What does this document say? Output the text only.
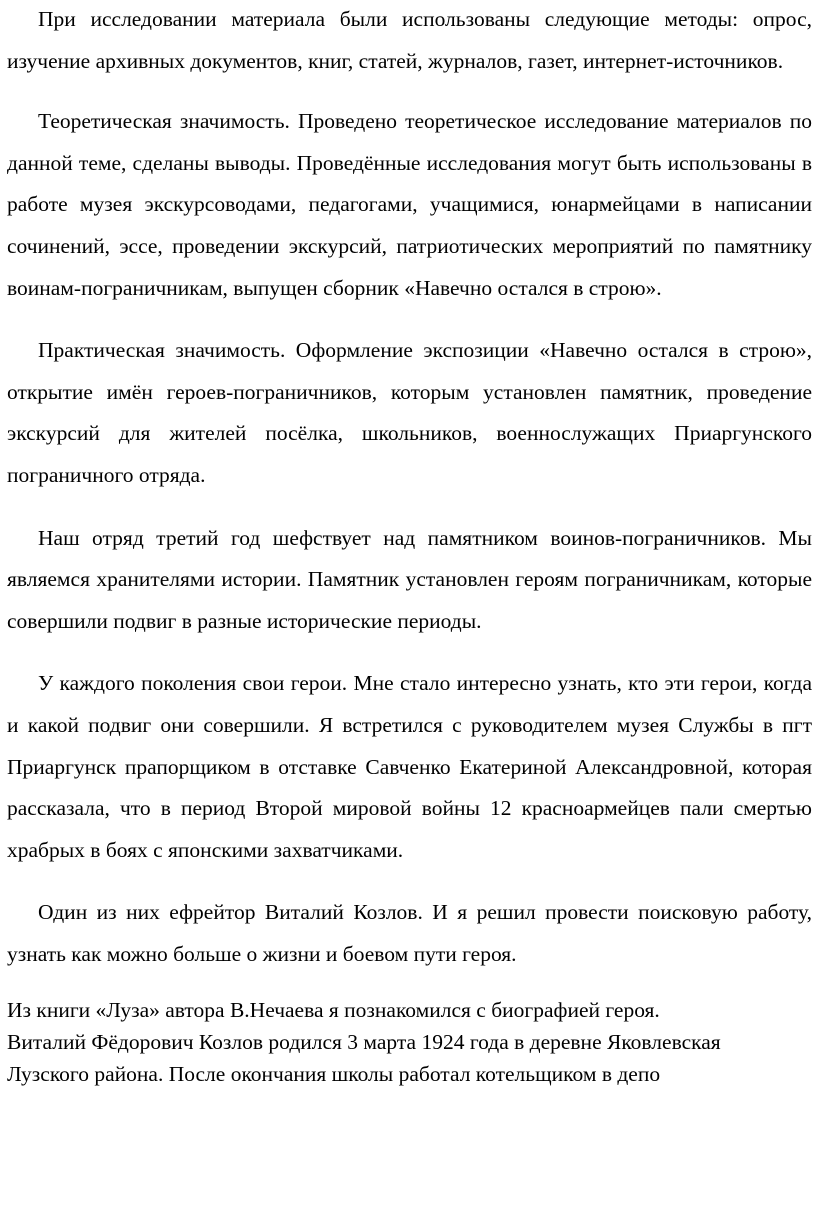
При исследовании материала были использованы следующие методы: опрос, изучение архивных документов, книг, статей, журналов, газет, интернет-источников.

Теоретическая значимость. Проведено теоретическое исследование материалов по данной теме, сделаны выводы. Проведённые исследования могут быть использованы в работе музея экскурсоводами, педагогами, учащимися, юнармейцами в написании сочинений, эссе, проведении экскурсий, патриотических мероприятий по памятнику воинам-пограничникам, выпущен сборник «Навечно остался в строю».

Практическая значимость. Оформление экспозиции «Навечно остался в строю», открытие имён героев-пограничников, которым установлен памятник, проведение экскурсий для жителей посёлка, школьников, военнослужащих Приаргунского пограничного отряда.

Наш отряд третий год шефствует над памятником воинов-пограничников. Мы являемся хранителями истории. Памятник установлен героям пограничникам, которые совершили подвиг в разные исторические периоды.

У каждого поколения свои герои. Мне стало интересно узнать, кто эти герои, когда и какой подвиг они совершили. Я встретился с руководителем музея Службы в пгт Приаргунск прапорщиком в отставке Савченко Екатериной Александровной, которая рассказала, что в период Второй мировой войны 12 красноармейцев пали смертью храбрых в боях с японскими захватчиками.

Один из них ефрейтор Виталий Козлов. И я решил провести поисковую работу, узнать как можно больше о жизни и боевом пути героя.

Из книги «Луза» автора В.Нечаева я познакомился с биографией героя.

Виталий Фёдорович Козлов родился 3 марта 1924 года в деревне Яковлевская

Лузского района. После окончания школы работал котельщиком в депо
